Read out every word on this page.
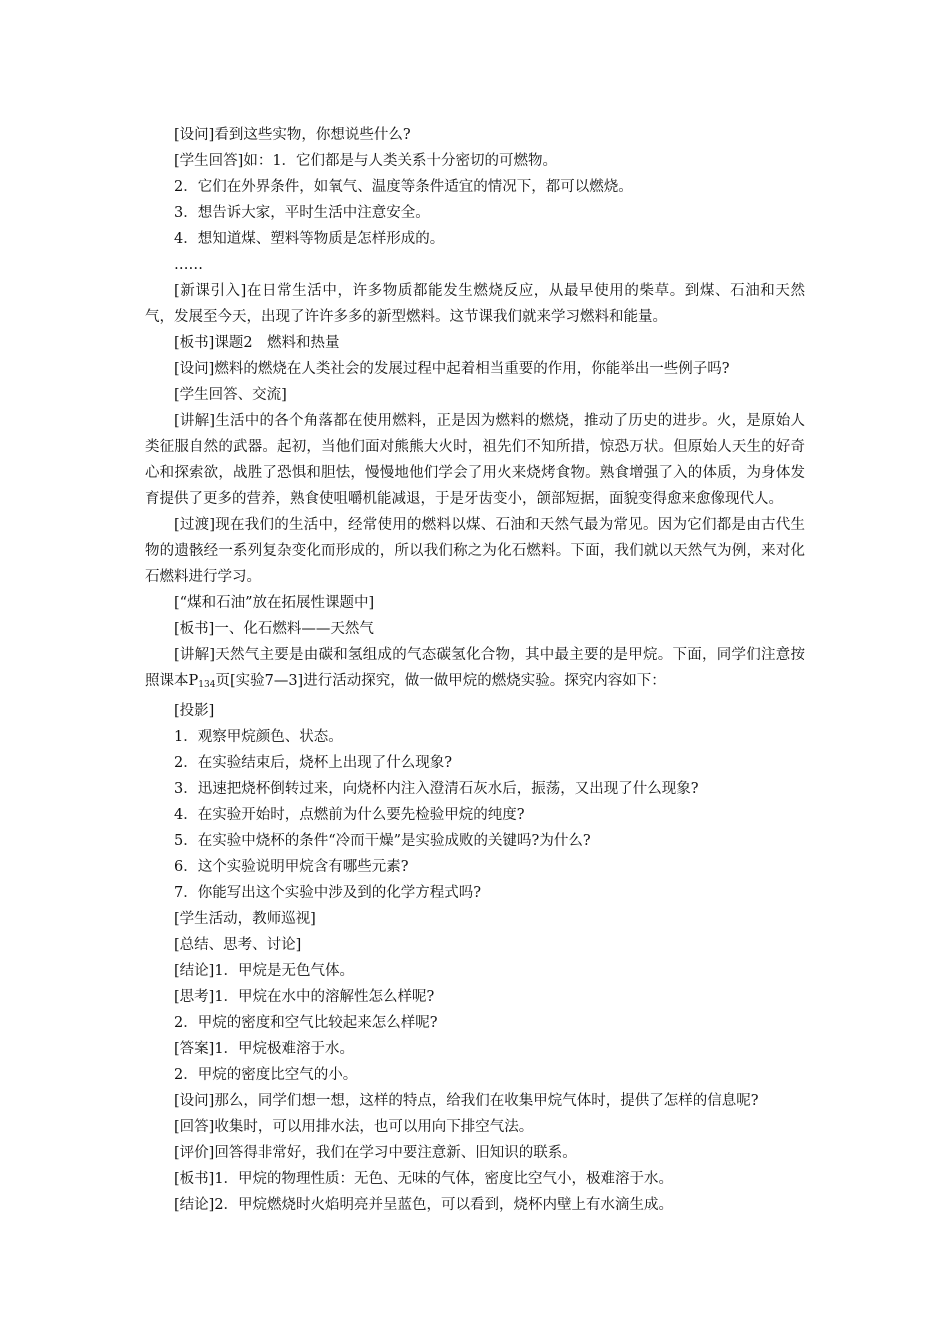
[设问]看到这些实物，你想说些什么?

[学生回答]如：1．它们都是与人类关系十分密切的可燃物。

2．它们在外界条件，如氧气、温度等条件适宜的情况下，都可以燃烧。

3．想告诉大家，平时生活中注意安全。

4．想知道煤、塑料等物质是怎样形成的。

……

[新课引入]在日常生活中，许多物质都能发生燃烧反应，从最早使用的柴草。到煤、石油和天然气，发展至今天，出现了许许多多的新型燃料。这节课我们就来学习燃料和能量。

[板书]课题2　燃料和热量

[设问]燃料的燃烧在人类社会的发展过程中起着相当重要的作用，你能举出一些例子吗?

[学生回答、交流]

[讲解]生活中的各个角落都在使用燃料，正是因为燃料的燃烧，推动了历史的进步。火，是原始人类征服自然的武器。起初，当他们面对熊熊大火时，祖先们不知所措，惊恐万状。但原始人天生的好奇心和探索欲，战胜了恐惧和胆怯，慢慢地他们学会了用火来烧烤食物。熟食增强了入的体质，为身体发育提供了更多的营养，熟食使咀嚼机能减退，于是牙齿变小，颌部短据，面貌变得愈来愈像现代人。

[过渡]现在我们的生活中，经常使用的燃料以煤、石油和天然气最为常见。因为它们都是由古代生物的遗骸经一系列复杂变化而形成的，所以我们称之为化石燃料。下面，我们就以天然气为例，来对化石燃料进行学习。

[“煤和石油”放在拓展性课题中]

[板书]一、化石燃料——天然气

[讲解]天然气主要是由碳和氢组成的气态碳氢化合物，其中最主要的是甲烷。下面，同学们注意按照课本$P_{134}$页[实验7—3]进行活动探究，做一做甲烷的燃烧实验。探究内容如下：

[投影]

1．观察甲烷颜色、状态。

2．在实验结束后，烧杯上出现了什么现象?

3．迅速把烧杯倒转过来，向烧杯内注入澄清石灰水后，振荡，又出现了什么现象?

4．在实验开始时，点燃前为什么要先检验甲烷的纯度?

5．在实验中烧杯的条件“冷而干燥”是实验成败的关键吗?为什么?

6．这个实验说明甲烷含有哪些元素?

7．你能写出这个实验中涉及到的化学方程式吗?

[学生活动，教师巡视]

[总结、思考、讨论]

[结论]1．甲烷是无色气体。

[思考]1．甲烷在水中的溶解性怎么样呢?

2．甲烷的密度和空气比较起来怎么样呢?

[答案]1．甲烷极难溶于水。

2．甲烷的密度比空气的小。

[设问]那么，同学们想一想，这样的特点，给我们在收集甲烷气体时，提供了怎样的信息呢?

[回答]收集时，可以用排水法，也可以用向下排空气法。

[评价]回答得非常好，我们在学习中要注意新、旧知识的联系。

[板书]1．甲烷的物理性质：无色、无味的气体，密度比空气小，极难溶于水。

[结论]2．甲烷燃烧时火焰明亮并呈蓝色，可以看到，烧杯内壁上有水滴生成。
